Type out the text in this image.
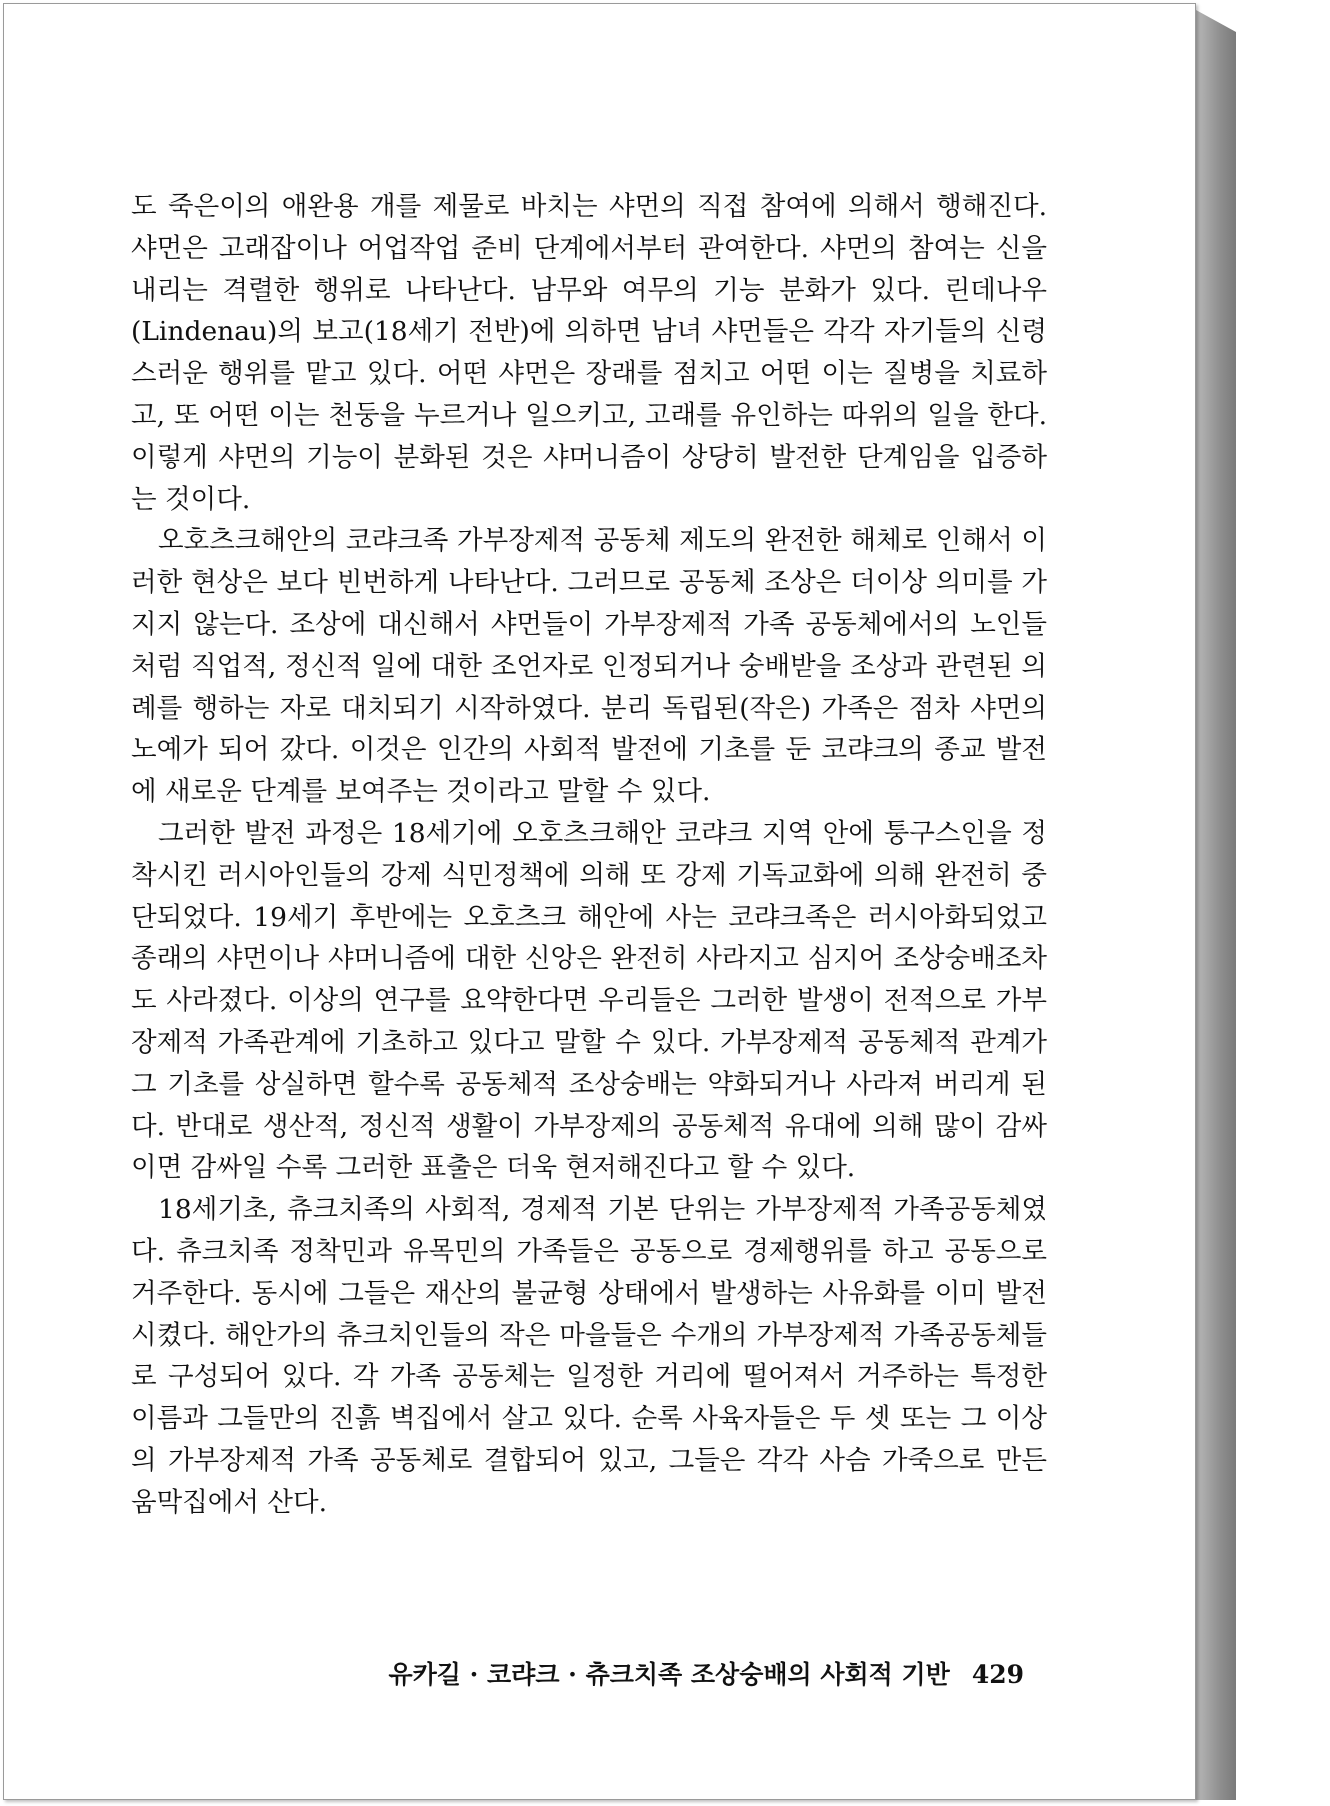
도 죽은이의 애완용 개를 제물로 바치는 샤먼의 직접 참여에 의해서 행해진다. 샤먼은 고래잡이나 어업작업 준비 단계에서부터 관여한다. 샤먼의 참여는 신을 내리는 격렬한 행위로 나타난다. 남무와 여무의 기능 분화가 있다. 린데나우(Lindenau)의 보고(18세기 전반)에 의하면 남녀 샤먼들은 각각 자기들의 신령스러운 행위를 맡고 있다. 어떤 샤먼은 장래를 점치고 어떤 이는 질병을 치료하고, 또 어떤 이는 천둥을 누르거나 일으키고, 고래를 유인하는 따위의 일을 한다. 이렇게 샤먼의 기능이 분화된 것은 샤머니즘이 상당히 발전한 단계임을 입증하는 것이다.

오호츠크해안의 코랴크족 가부장제적 공동체 제도의 완전한 해체로 인해서 이러한 현상은 보다 빈번하게 나타난다. 그러므로 공동체 조상은 더이상 의미를 가지지 않는다. 조상에 대신해서 샤먼들이 가부장제적 가족 공동체에서의 노인들처럼 직업적, 정신적 일에 대한 조언자로 인정되거나 숭배받을 조상과 관련된 의례를 행하는 자로 대치되기 시작하였다. 분리 독립된(작은) 가족은 점차 샤먼의 노예가 되어 갔다. 이것은 인간의 사회적 발전에 기초를 둔 코랴크의 종교 발전에 새로운 단계를 보여주는 것이라고 말할 수 있다.

그러한 발전 과정은 18세기에 오호츠크해안 코랴크 지역 안에 퉁구스인을 정착시킨 러시아인들의 강제 식민정책에 의해 또 강제 기독교화에 의해 완전히 중단되었다. 19세기 후반에는 오호츠크 해안에 사는 코랴크족은 러시아화되었고 종래의 샤먼이나 샤머니즘에 대한 신앙은 완전히 사라지고 심지어 조상숭배조차도 사라졌다. 이상의 연구를 요약한다면 우리들은 그러한 발생이 전적으로 가부장제적 가족관계에 기초하고 있다고 말할 수 있다. 가부장제적 공동체적 관계가 그 기초를 상실하면 할수록 공동체적 조상숭배는 약화되거나 사라져 버리게 된다. 반대로 생산적, 정신적 생활이 가부장제의 공동체적 유대에 의해 많이 감싸이면 감싸일 수록 그러한 표출은 더욱 현저해진다고 할 수 있다.

18세기초, 츄크치족의 사회적, 경제적 기본 단위는 가부장제적 가족공동체였다. 츄크치족 정착민과 유목민의 가족들은 공동으로 경제행위를 하고 공동으로 거주한다. 동시에 그들은 재산의 불균형 상태에서 발생하는 사유화를 이미 발전시켰다. 해안가의 츄크치인들의 작은 마을들은 수개의 가부장제적 가족공동체들로 구성되어 있다. 각 가족 공동체는 일정한 거리에 떨어져서 거주하는 특정한 이름과 그들만의 진흙 벽집에서 살고 있다. 순록 사육자들은 두 셋 또는 그 이상의 가부장제적 가족 공동체로 결합되어 있고, 그들은 각각 사슴 가죽으로 만든 움막집에서 산다.

유카길 · 코랴크 · 츄크치족 조상숭배의 사회적 기반 429
